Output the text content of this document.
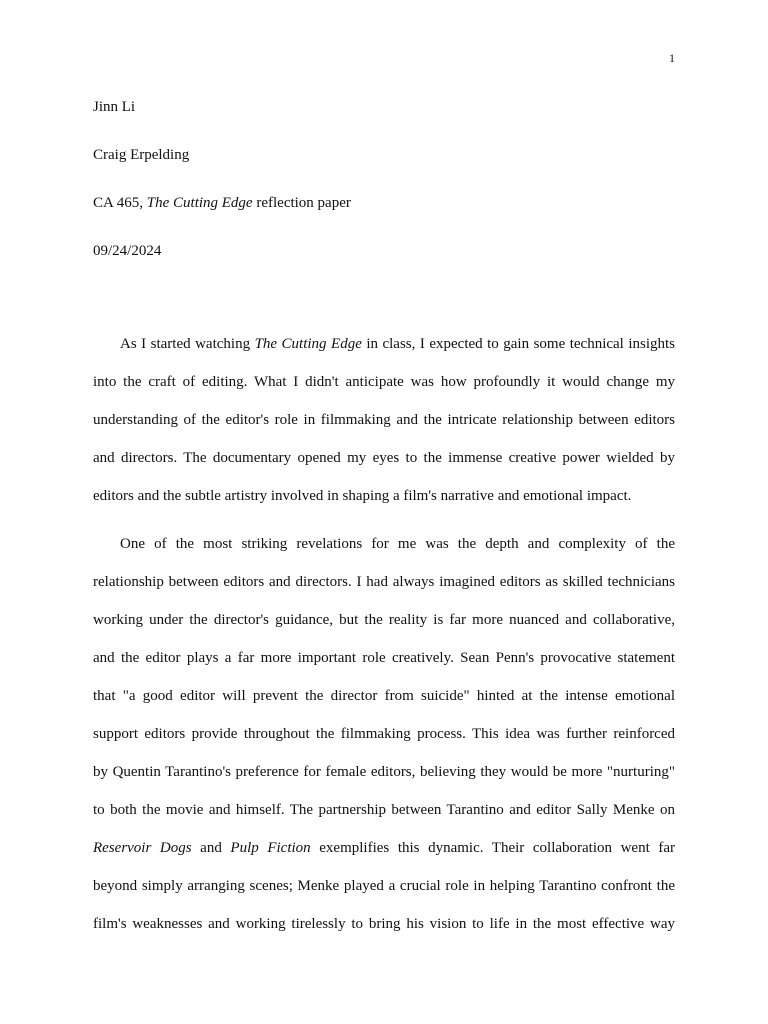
1
Jinn Li
Craig Erpelding
CA 465, The Cutting Edge reflection paper
09/24/2024
As I started watching The Cutting Edge in class, I expected to gain some technical insights
into the craft of editing. What I didn't anticipate was how profoundly it would change my
understanding of the editor's role in filmmaking and the intricate relationship between editors
and directors. The documentary opened my eyes to the immense creative power wielded by
editors and the subtle artistry involved in shaping a film's narrative and emotional impact.
One of the most striking revelations for me was the depth and complexity of the
relationship between editors and directors. I had always imagined editors as skilled technicians
working under the director's guidance, but the reality is far more nuanced and collaborative,
and the editor plays a far more important role creatively. Sean Penn's provocative statement
that "a good editor will prevent the director from suicide" hinted at the intense emotional
support editors provide throughout the filmmaking process. This idea was further reinforced
by Quentin Tarantino's preference for female editors, believing they would be more "nurturing"
to both the movie and himself. The partnership between Tarantino and editor Sally Menke on
Reservoir Dogs and Pulp Fiction exemplifies this dynamic. Their collaboration went far
beyond simply arranging scenes; Menke played a crucial role in helping Tarantino confront the
film's weaknesses and working tirelessly to bring his vision to life in the most effective way
